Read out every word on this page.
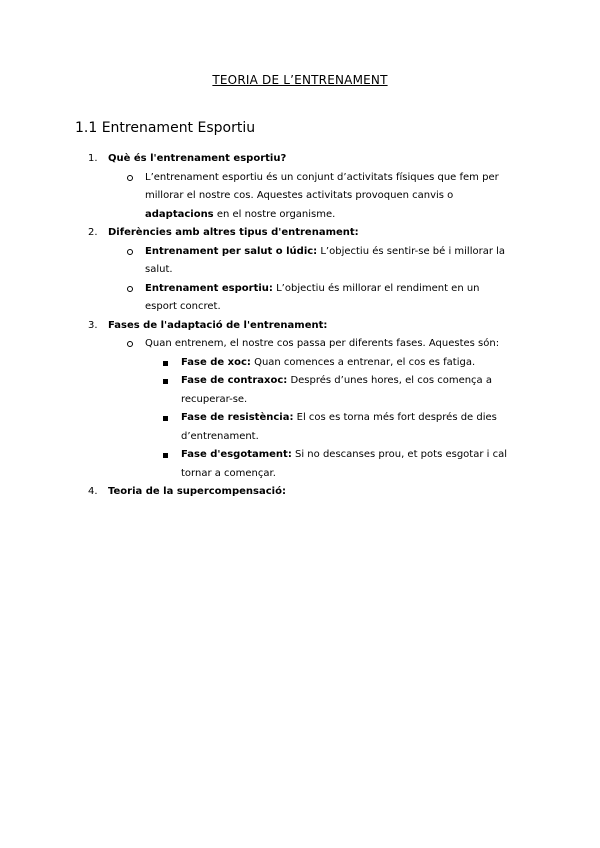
TEORIA DE L’ENTRENAMENT
1.1 Entrenament Esportiu
1. Què és l'entrenament esportiu?
L’entrenament esportiu és un conjunt d’activitats físiques que fem per millorar el nostre cos. Aquestes activitats provoquen canvis o adaptacions en el nostre organisme.
2. Diferències amb altres tipus d'entrenament:
Entrenament per salut o lúdic: L’objectiu és sentir-se bé i millorar la salut.
Entrenament esportiu: L’objectiu és millorar el rendiment en un esport concret.
3. Fases de l'adaptació de l'entrenament:
Quan entrenem, el nostre cos passa per diferents fases. Aquestes són:
Fase de xoc: Quan comences a entrenar, el cos es fatiga.
Fase de contraxoc: Després d’unes hores, el cos comença a recuperar-se.
Fase de resistència: El cos es torna més fort després de dies d’entrenament.
Fase d'esgotament: Si no descanses prou, et pots esgotar i cal tornar a començar.
4. Teoria de la supercompensació:
